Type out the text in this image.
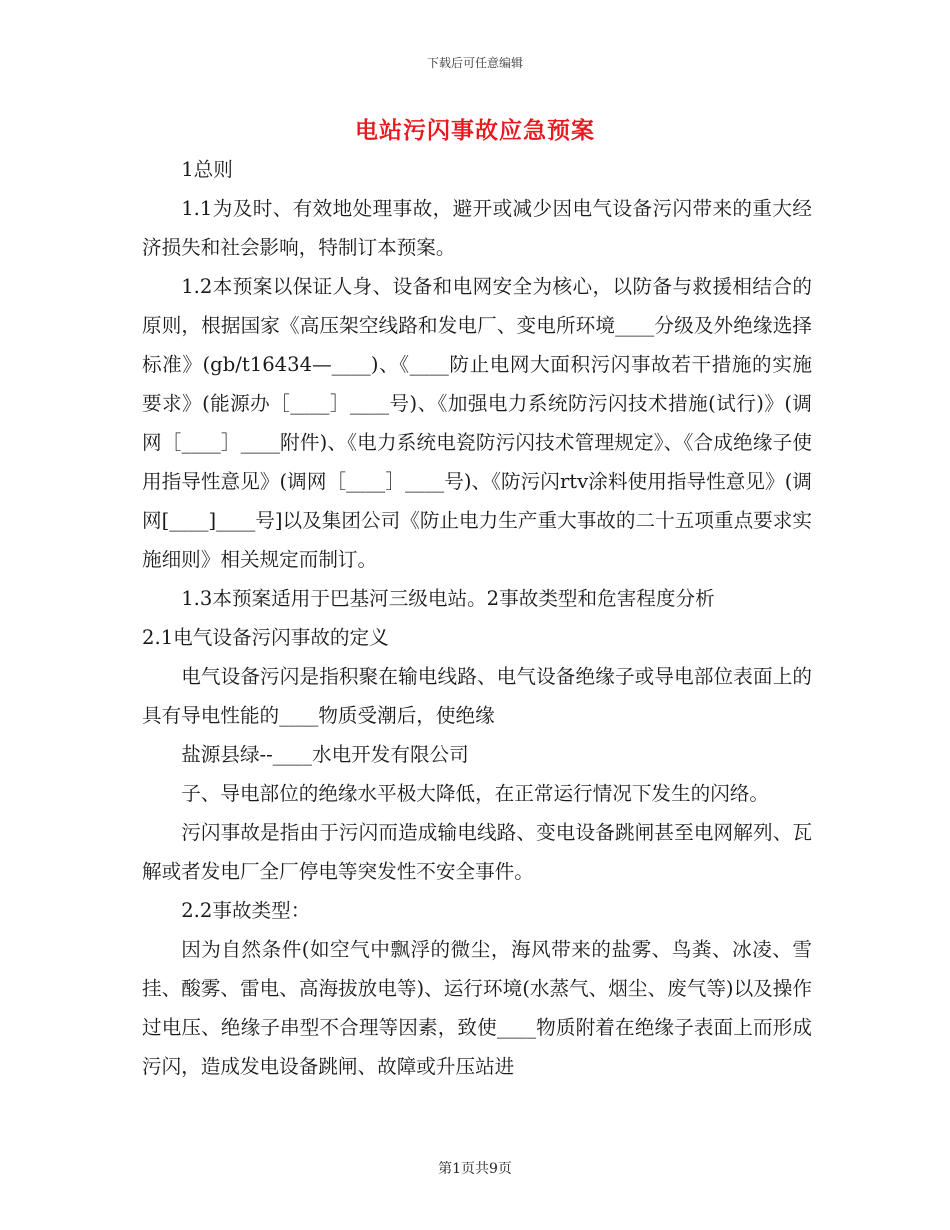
下载后可任意编辑
电站污闪事故应急预案

1总则

1.1为及时、有效地处理事故，避开或减少因电气设备污闪带来的重大经济损失和社会影响，特制订本预案。

1.2本预案以保证人身、设备和电网安全为核心，以防备与救援相结合的原则，根据国家《高压架空线路和发电厂、变电所环境____分级及外绝缘选择标准》(gb/t16434—____)、《____防止电网大面积污闪事故若干措施的实施要求》(能源办［____］____号)、《加强电力系统防污闪技术措施(试行)》(调网［____］____附件)、《电力系统电瓷防污闪技术管理规定》、《合成绝缘子使用指导性意见》(调网［____］____号)、《防污闪rtv涂料使用指导性意见》(调网[____]____号]以及集团公司《防止电力生产重大事故的二十五项重点要求实施细则》相关规定而制订。

1.3本预案适用于巴基河三级电站。2事故类型和危害程度分析

2.1电气设备污闪事故的定义

电气设备污闪是指积聚在输电线路、电气设备绝缘子或导电部位表面上的具有导电性能的____物质受潮后，使绝缘

盐源县绿--____水电开发有限公司

子、导电部位的绝缘水平极大降低，在正常运行情况下发生的闪络。

污闪事故是指由于污闪而造成输电线路、变电设备跳闸甚至电网解列、瓦解或者发电厂全厂停电等突发性不安全事件。

2.2事故类型：

因为自然条件(如空气中飘浮的微尘，海风带来的盐雾、鸟粪、冰凌、雪挂、酸雾、雷电、高海拔放电等)、运行环境(水蒸气、烟尘、废气等)以及操作过电压、绝缘子串型不合理等因素，致使____物质附着在绝缘子表面上而形成污闪，造成发电设备跳闸、故障或升压站进

第1页共9页
